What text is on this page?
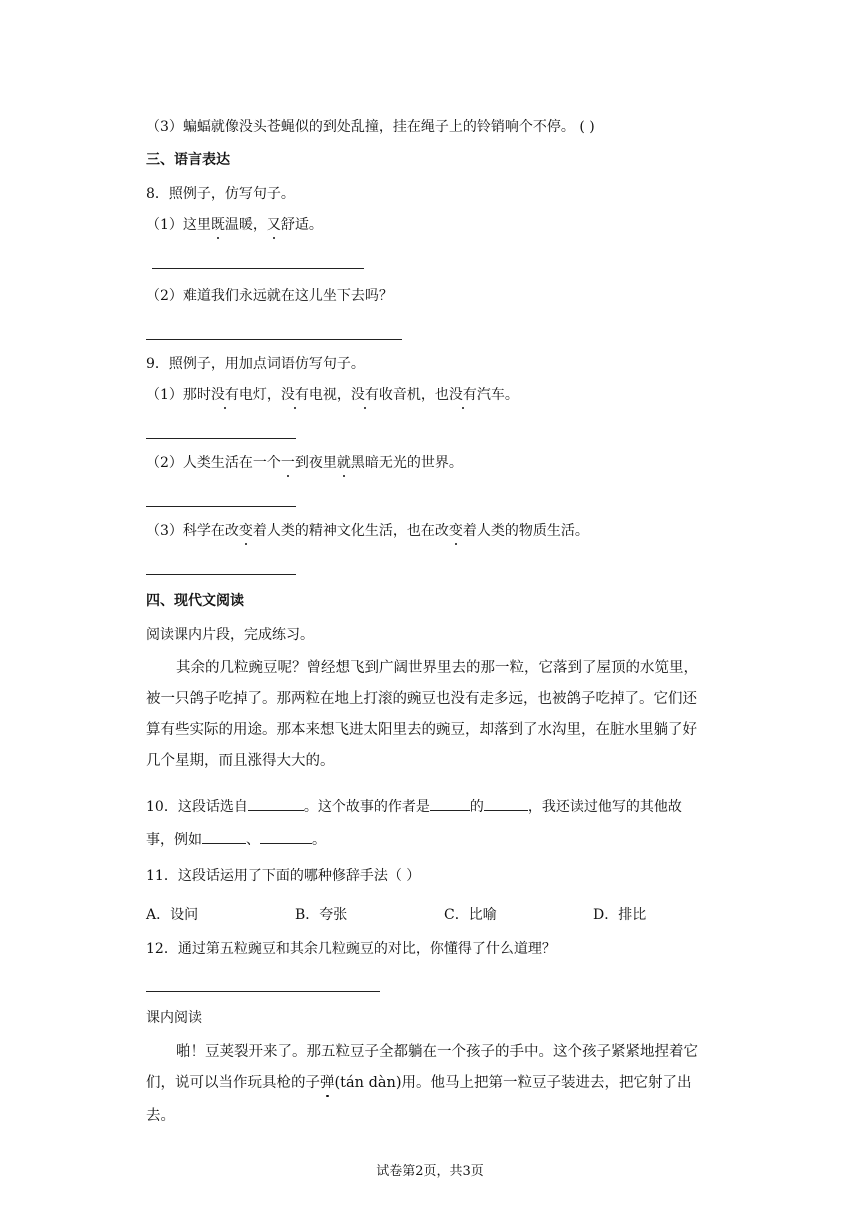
（3）蝙蝠就像没头苍蝇似的到处乱撞，挂在绳子上的铃销响个不停。 ( )
三、语言表达
8．照例子，仿写句子。
（1）这里既温暖，又舒适。
（2）难道我们永远就在这儿坐下去吗？
9．照例子，用加点词语仿写句子。
（1）那时没有电灯，没有电视，没有收音机，也没有汽车。
（2）人类生活在一个一到夜里就黑暗无光的世界。
（3）科学在改变着人类的精神文化生活，也在改变着人类的物质生活。
四、现代文阅读
阅读课内片段，完成练习。
其余的几粒豌豆呢？曾经想飞到广阔世界里去的那一粒，它落到了屋顶的水笕里，
被一只鸽子吃掉了。那两粒在地上打滚的豌豆也没有走多远，也被鸽子吃掉了。它们还
算有些实际的用途。那本来想飞进太阳里去的豌豆，却落到了水沟里，在脏水里躺了好
几个星期，而且涨得大大的。
10．这段话选自	。这个故事的作者是	的	，我还读过他写的其他故
事，例如	、	。
11．这段话运用了下面的哪种修辞手法（ ）
A．设问	B．夸张	C．比喻	D．排比
12．通过第五粒豌豆和其余几粒豌豆的对比，你懂得了什么道理？
课内阅读
啪！豆荚裂开来了。那五粒豆子全都躺在一个孩子的手中。这个孩子紧紧地捏着它
们，说可以当作玩具枪的子弹(tán dàn)用。他马上把第一粒豆子装进去，把它射了出
去。
试卷第2页，共3页
